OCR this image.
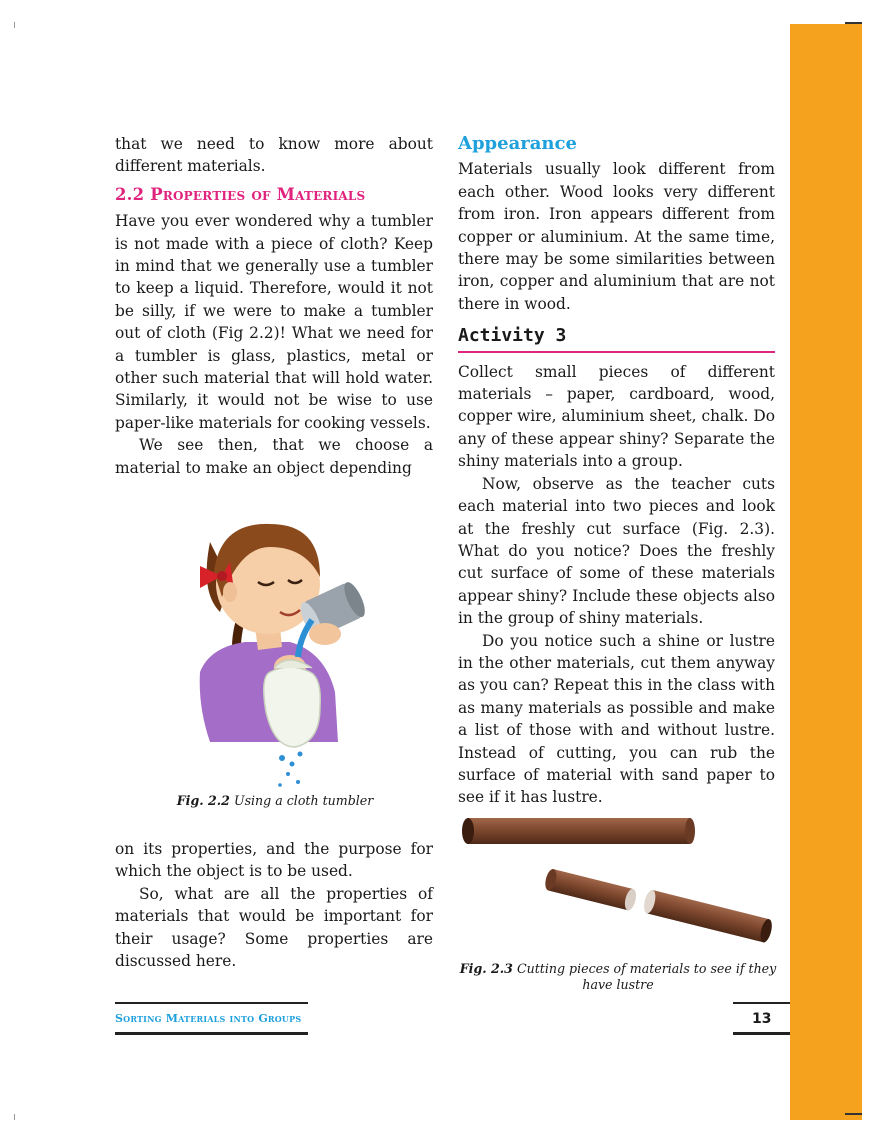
that we need to know more about different materials.

2.2 Properties of Materials

Have you ever wondered why a tumbler is not made with a piece of cloth? Keep in mind that we generally use a tumbler to keep a liquid. Therefore, would it not be silly, if we were to make a tumbler out of cloth (Fig 2.2)! What we need for a tumbler is glass, plastics, metal or other such material that will hold water. Similarly, it would not be wise to use paper-like materials for cooking vessels.

We see then, that we choose a material to make an object depending

Fig. 2.2 Using a cloth tumbler

on its properties, and the purpose for which the object is to be used.

So, what are all the properties of materials that would be important for their usage? Some properties are discussed here.

Appearance

Materials usually look different from each other. Wood looks very different from iron. Iron appears different from copper or aluminium. At the same time, there may be some similarities between iron, copper and aluminium that are not there in wood.

Activity 3

Collect small pieces of different materials – paper, cardboard, wood, copper wire, aluminium sheet, chalk. Do any of these appear shiny? Separate the shiny materials into a group.

Now, observe as the teacher cuts each material into two pieces and look at the freshly cut surface (Fig. 2.3). What do you notice? Does the freshly cut surface of some of these materials appear shiny? Include these objects also in the group of shiny materials.

Do you notice such a shine or lustre in the other materials, cut them anyway as you can? Repeat this in the class with as many materials as possible and make a list of those with and without lustre. Instead of cutting, you can rub the surface of material with sand paper to see if it has lustre.

Fig. 2.3 Cutting pieces of materials to see if they have lustre
Sorting Materials into Groups	13
